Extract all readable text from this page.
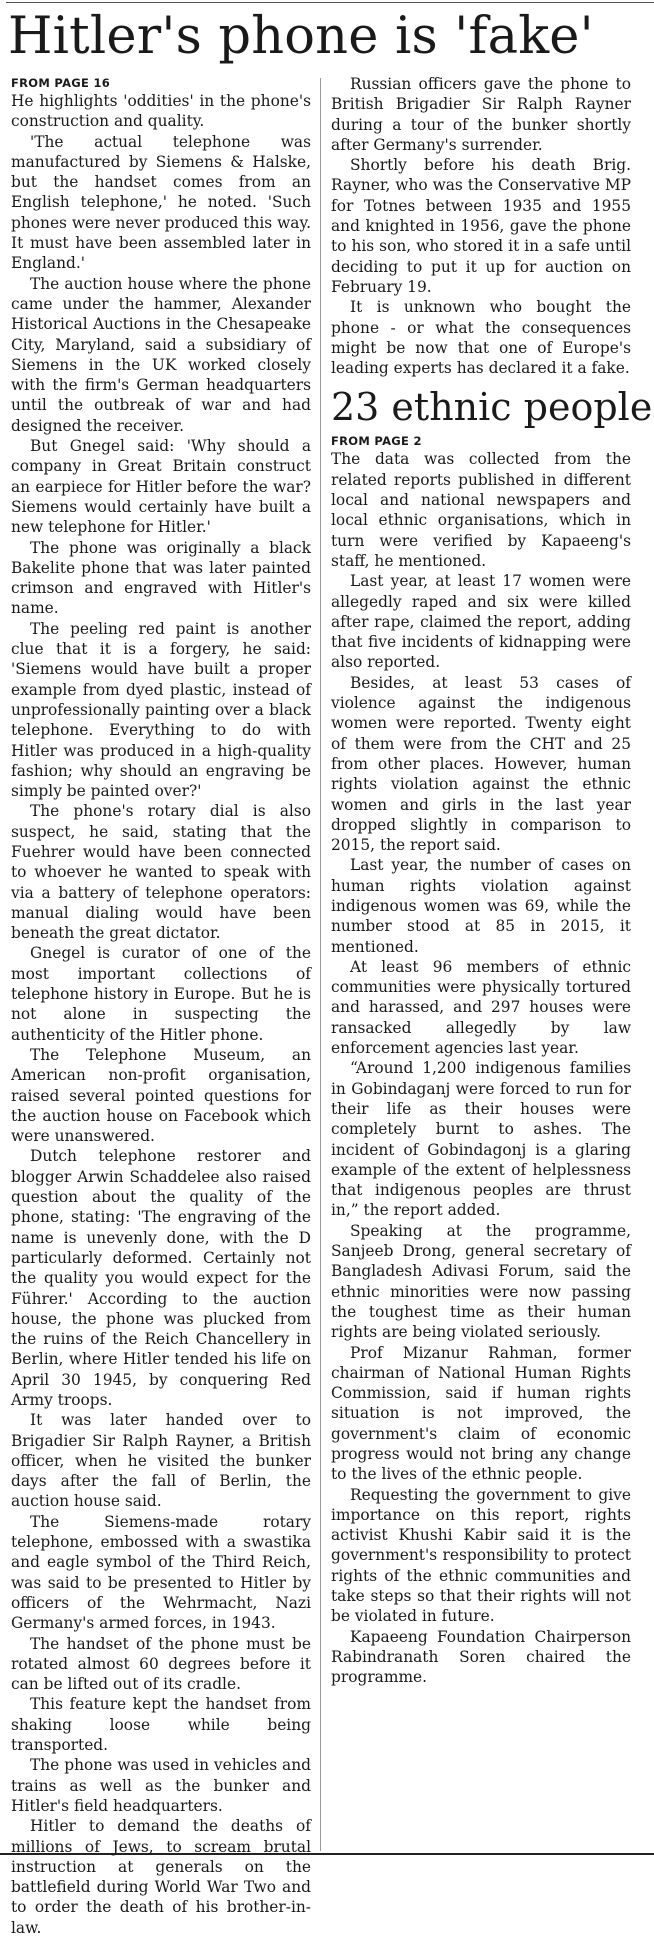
Hitler's phone is 'fake'
FROM PAGE 16

He highlights 'oddities' in the phone's construction and quality.

'The actual telephone was manufactured by Siemens & Halske, but the handset comes from an English telephone,' he noted. 'Such phones were never produced this way. It must have been assembled later in England.'

The auction house where the phone came under the hammer, Alexander Historical Auctions in the Chesapeake City, Maryland, said a subsidiary of Siemens in the UK worked closely with the firm's German headquarters until the outbreak of war and had designed the receiver.

But Gnegel said: 'Why should a company in Great Britain construct an earpiece for Hitler before the war? Siemens would certainly have built a new telephone for Hitler.'

The phone was originally a black Bakelite phone that was later painted crimson and engraved with Hitler's name.

The peeling red paint is another clue that it is a forgery, he said: 'Siemens would have built a proper example from dyed plastic, instead of unprofessionally painting over a black telephone. Everything to do with Hitler was produced in a high-quality fashion; why should an engraving be simply be painted over?'

The phone's rotary dial is also suspect, he said, stating that the Fuehrer would have been connected to whoever he wanted to speak with via a battery of telephone operators: manual dialing would have been beneath the great dictator.

Gnegel is curator of one of the most important collections of telephone history in Europe. But he is not alone in suspecting the authenticity of the Hitler phone.

The Telephone Museum, an American non-profit organisation, raised several pointed questions for the auction house on Facebook which were unanswered.

Dutch telephone restorer and blogger Arwin Schaddelee also raised question about the quality of the phone, stating: 'The engraving of the name is unevenly done, with the D particularly deformed. Certainly not the quality you would expect for the Führer.' According to the auction house, the phone was plucked from the ruins of the Reich Chancellery in Berlin, where Hitler tended his life on April 30 1945, by conquering Red Army troops.

It was later handed over to Brigadier Sir Ralph Rayner, a British officer, when he visited the bunker days after the fall of Berlin, the auction house said.

The Siemens-made rotary telephone, embossed with a swastika and eagle symbol of the Third Reich, was said to be presented to Hitler by officers of the Wehrmacht, Nazi Germany's armed forces, in 1943.

The handset of the phone must be rotated almost 60 degrees before it can be lifted out of its cradle.

This feature kept the handset from shaking loose while being transported.

The phone was used in vehicles and trains as well as the bunker and Hitler's field headquarters.

Hitler to demand the deaths of millions of Jews, to scream brutal instruction at generals on the battlefield during World War Two and to order the death of his brother-in-law.

Russian officers gave the phone to British Brigadier Sir Ralph Rayner during a tour of the bunker shortly after Germany's surrender.

Shortly before his death Brig. Rayner, who was the Conservative MP for Totnes between 1935 and 1955 and knighted in 1956, gave the phone to his son, who stored it in a safe until deciding to put it up for auction on February 19.

It is unknown who bought the phone - or what the consequences might be now that one of Europe's leading experts has declared it a fake.

23 ethnic people
FROM PAGE 2

The data was collected from the related reports published in different local and national newspapers and local ethnic organisations, which in turn were verified by Kapaeeng's staff, he mentioned.

Last year, at least 17 women were allegedly raped and six were killed after rape, claimed the report, adding that five incidents of kidnapping were also reported.

Besides, at least 53 cases of violence against the indigenous women were reported. Twenty eight of them were from the CHT and 25 from other places. However, human rights violation against the ethnic women and girls in the last year dropped slightly in comparison to 2015, the report said.

Last year, the number of cases on human rights violation against indigenous women was 69, while the number stood at 85 in 2015, it mentioned.

At least 96 members of ethnic communities were physically tortured and harassed, and 297 houses were ransacked allegedly by law enforcement agencies last year.

“Around 1,200 indigenous families in Gobindaganj were forced to run for their life as their houses were completely burnt to ashes. The incident of Gobindagonj is a glaring example of the extent of helplessness that indigenous peoples are thrust in,” the report added.

Speaking at the programme, Sanjeeb Drong, general secretary of Bangladesh Adivasi Forum, said the ethnic minorities were now passing the toughest time as their human rights are being violated seriously.

Prof Mizanur Rahman, former chairman of National Human Rights Commission, said if human rights situation is not improved, the government's claim of economic progress would not bring any change to the lives of the ethnic people.

Requesting the government to give importance on this report, rights activist Khushi Kabir said it is the government's responsibility to protect rights of the ethnic communities and take steps so that their rights will not be violated in future.

Kapaeeng Foundation Chairperson Rabindranath Soren chaired the programme.
